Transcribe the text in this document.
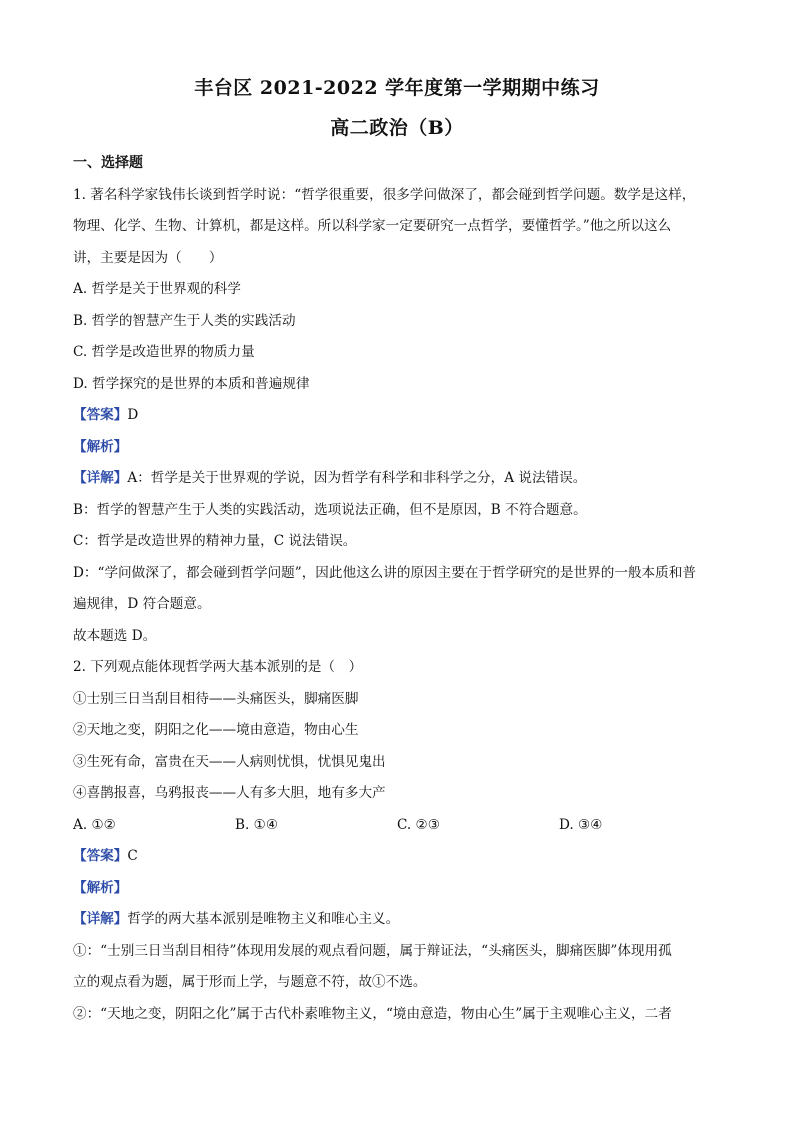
丰台区 2021-2022 学年度第一学期期中练习
高二政治（B）
一、选择题
1. 著名科学家钱伟长谈到哲学时说：“哲学很重要，很多学问做深了，都会碰到哲学问题。数学是这样，
物理、化学、生物、计算机，都是这样。所以科学家一定要研究一点哲学，要懂哲学。”他之所以这么
讲，主要是因为（　　）
A. 哲学是关于世界观的科学
B. 哲学的智慧产生于人类的实践活动
C. 哲学是改造世界的物质力量
D. 哲学探究的是世界的本质和普遍规律
【答案】D
【解析】
【详解】A：哲学是关于世界观的学说，因为哲学有科学和非科学之分，A 说法错误。
B：哲学的智慧产生于人类的实践活动，选项说法正确，但不是原因，B 不符合题意。
C：哲学是改造世界的精神力量，C 说法错误。
D：“学问做深了，都会碰到哲学问题”，因此他这么讲的原因主要在于哲学研究的是世界的一般本质和普
遍规律，D 符合题意。
故本题选 D。
2. 下列观点能体现哲学两大基本派别的是（　）
①士别三日当刮目相待——头痛医头，脚痛医脚
②天地之变，阴阳之化——境由意造，物由心生
③生死有命，富贵在天——人病则忧惧，忧惧见鬼出
④喜鹊报喜，乌鸦报丧——人有多大胆，地有多大产
A. ①②	B. ①④	C. ②③	D. ③④
【答案】C
【解析】
【详解】哲学的两大基本派别是唯物主义和唯心主义。
①：“士别三日当刮目相待”体现用发展的观点看问题，属于辩证法，“头痛医头，脚痛医脚”体现用孤
立的观点看为题，属于形而上学，与题意不符，故①不选。
②：“天地之变，阴阳之化”属于古代朴素唯物主义，“境由意造，物由心生”属于主观唯心主义，二者
